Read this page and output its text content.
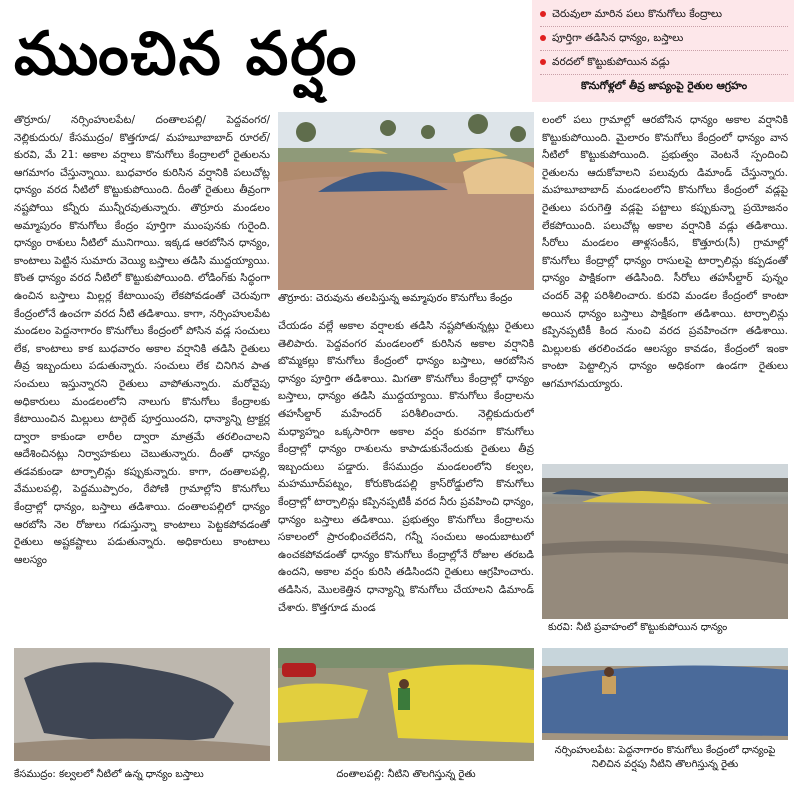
ముంచిన వర్షం
చెరువులా మారిన పలు కొనుగోలు కేంద్రాలు
పూర్తిగా తడిసిన ధాన్యం, బస్తాలు
వరదలో కొట్టుకుపోయిన వడ్లు
కొనుగోళ్లలో తీవ్ర జాప్యంపై రైతుల ఆగ్రహం
తొర్రూరు/ నర్సింహులపేట/ దంతాలపల్లి/ పెద్దవంగర/ నెల్లికుదురు/ కేసముద్రం/ కొత్తగూడ/ మహబూబాబాద్ రూరల్/ కురవి, మే 21: అకాల వర్షాలు కొనుగోలు కేంద్రాలలో రైతులను ఆగమాగం చేస్తున్నాయి. బుధవారం కురిసిన వర్షానికి పలుచోట్ల ధాన్యం వరద నీటిలో కొట్టుకుపోయింది. దీంతో రైతులు తీవ్రంగా నష్టపోయి కన్నీరు మున్నీరవుతున్నారు. తొర్రూరు మండలం అమ్మాపురం కొనుగోలు కేంద్రం పూర్తిగా ముంపునకు గురైంది. ధాన్యం రాశులు నీటిలో మునిగాయి. ఇక్కడ ఆరబోసిన ధాన్యం, కాంటాలు పెట్టిన సుమారు వెయ్యి బస్తాలు తడిసి ముద్దయ్యాయి. కొంత ధాన్యం వరద నీటిలో కొట్టుకుపోయింది. లోడింగ్‌కు సిద్ధంగా ఉంచిన బస్తాలు మిల్లర్ల కేటాయింపు లేకపోవడంతో చెరువుగా కేంద్రంలోనే ఉంచగా వరద నీటి తడిశాయి. కాగా, నర్సింహులపేట మండలం పెద్దనాగారం కొనుగోలు కేంద్రంలో పోసిన వడ్ల సంచులు లేక, కాంటాలు కాక బుధవారం అకాల వర్షానికి తడిసి రైతులు తీవ్ర ఇబ్బందులు పడుతున్నారు. సంచులు లేక చినిగిన పాత సంచులు ఇస్తున్నారని రైతులు వాపోతున్నారు. మరోవైపు అధికారులు మండలంలోని నాలుగు కొనుగోలు కేంద్రాలకు కేటాయించిన మిల్లులు టార్గెట్ పూర్తయిందని, ధాన్యాన్ని ట్రాక్టర్ల ద్వారా కాకుండా లారీల ద్వారా మాత్రమే తరలించాలని ఆదేశించినట్లు నిర్వాహకులు చెబుతున్నారు. దీంతో ధాన్యం తడవకుండా టార్పాలిన్లు కప్పుకున్నారు. కాగా, దంతాలపల్లి, వేములపల్లి, పెద్దముప్పారం, రేపోణి గ్రామాల్లోని కొనుగోలు కేంద్రాల్లో ధాన్యం, బస్తాలు తడిశాయి. దంతాలపల్లిలో ధాన్యం ఆరబోసి నెల రోజులు గడుస్తున్నా కాంటాలు పెట్టకపోవడంతో రైతులు అష్టకష్టాలు పడుతున్నారు. అధికారులు కాంటాలు ఆలస్యం
తొర్రూరు: చెరువును తలపిస్తున్న అమ్మాపురం కొనుగోలు కేంద్రం
చేయడం వల్లే అకాల వర్షాలకు తడిసి నష్టపోతున్నట్లు రైతులు తెలిపారు. పెద్దవంగర మండలంలో కురిసిన అకాల వర్షానికి బొమ్మకల్లు కొనుగోలు కేంద్రంలో ధాన్యం బస్తాలు, ఆరబోసిన ధాన్యం పూర్తిగా తడిశాయి. మిగతా కొనుగోలు కేంద్రాల్లో ధాన్యం బస్తాలు, ధాన్యం తడిసి ముద్దయ్యాయి. కొనుగోలు కేంద్రాలను తహసీల్దార్ మహేందర్ పరిశీలించారు. నెల్లికుదురులో మధ్యాహ్నం ఒక్కసారిగా అకాల వర్షం కురవగా కొనుగోలు కేంద్రాల్లో ధాన్యం రాశులను కాపాడుకునేందుకు రైతులు తీవ్ర ఇబ్బందులు పడ్డారు. కేసముద్రం మండలంలోని కల్వల, మహమూద్‌పట్నం, కోరుకొండపల్లి క్రాస్‌రోడ్డులోని కొనుగోలు కేంద్రాల్లో టార్పాలిన్లు కప్పినప్పటికీ వరద నీరు ప్రవహించి ధాన్యం, ధాన్యం బస్తాలు తడిశాయి. ప్రభుత్వం కొనుగోలు కేంద్రాలను సకాలంలో ప్రారంభించలేదని, గన్నీ సంచులు అందుబాటులో ఉంచకపోవడంతో ధాన్యం కొనుగోలు కేంద్రాల్లోనే రోజుల తరబడి ఉందని, అకాల వర్షం కురిసి తడిసిందని రైతులు ఆగ్రహించారు. తడిసిన, మొలకెత్తిన ధాన్యాన్ని కొనుగోలు చేయాలని డిమాండ్ చేశారు. కొత్తగూడ మండ
లంలో పలు గ్రామాల్లో ఆరబోసిన ధాన్యం అకాల వర్షానికి కొట్టుకుపోయింది. మైలారం కొనుగోలు కేంద్రంలో ధాన్యం వాన నీటిలో కొట్టుకుపోయింది. ప్రభుత్వం వెంటనే స్పందించి రైతులను ఆదుకోవాలని పలువురు డిమాండ్ చేస్తున్నారు. మహబూబాబాద్ మండలంలోని కొనుగోలు కేంద్రంలో వడ్లపై రైతులు పరుగెత్తి వడ్లపై పట్టాలు కప్పుకున్నా ప్రయోజనం లేకపోయింది. పలుచోట్ల అకాల వర్షానికి వడ్లు తడిశాయి. సీరోలు మండలం తాళ్లసంకీస, కొత్తూరు(సీ) గ్రామాల్లో కొనుగోలు కేంద్రాల్లో ధాన్యం రాసులపై టార్పాలిన్లు కప్పడంతో ధాన్యం పాక్షికంగా తడిసింది. సీరోలు తహసీల్దార్ పున్నం చందర్ వెళ్లి పరిశీలించారు. కురవి మండల కేంద్రంలో కాంటా అయిన ధాన్యం బస్తాలు పాక్షికంగా తడిశాయి. టార్పాలిన్లు కప్పినప్పటికీ కింద నుంచి వరద ప్రవహించగా తడిశాయి. మిల్లులకు తరలించడం ఆలస్యం కావడం, కేంద్రంలో ఇంకా కాంటా పెట్టాల్సిన ధాన్యం అధికంగా ఉండగా రైతులు ఆగమాగమయ్యారు.
కురవి: నీటి ప్రవాహంలో కొట్టుకుపోయిన ధాన్యం
కేసముద్రం: కల్వలలో నీటిలో ఉన్న ధాన్యం బస్తాలు	దంతాలపల్లి: నీటిని తొలగిస్తున్న రైతు
నర్సింహులపేట: పెద్దనాగారం కొనుగోలు కేంద్రంలో ధాన్యంపై నిలిచిన వర్షపు నీటిని తొలగిస్తున్న రైతు
